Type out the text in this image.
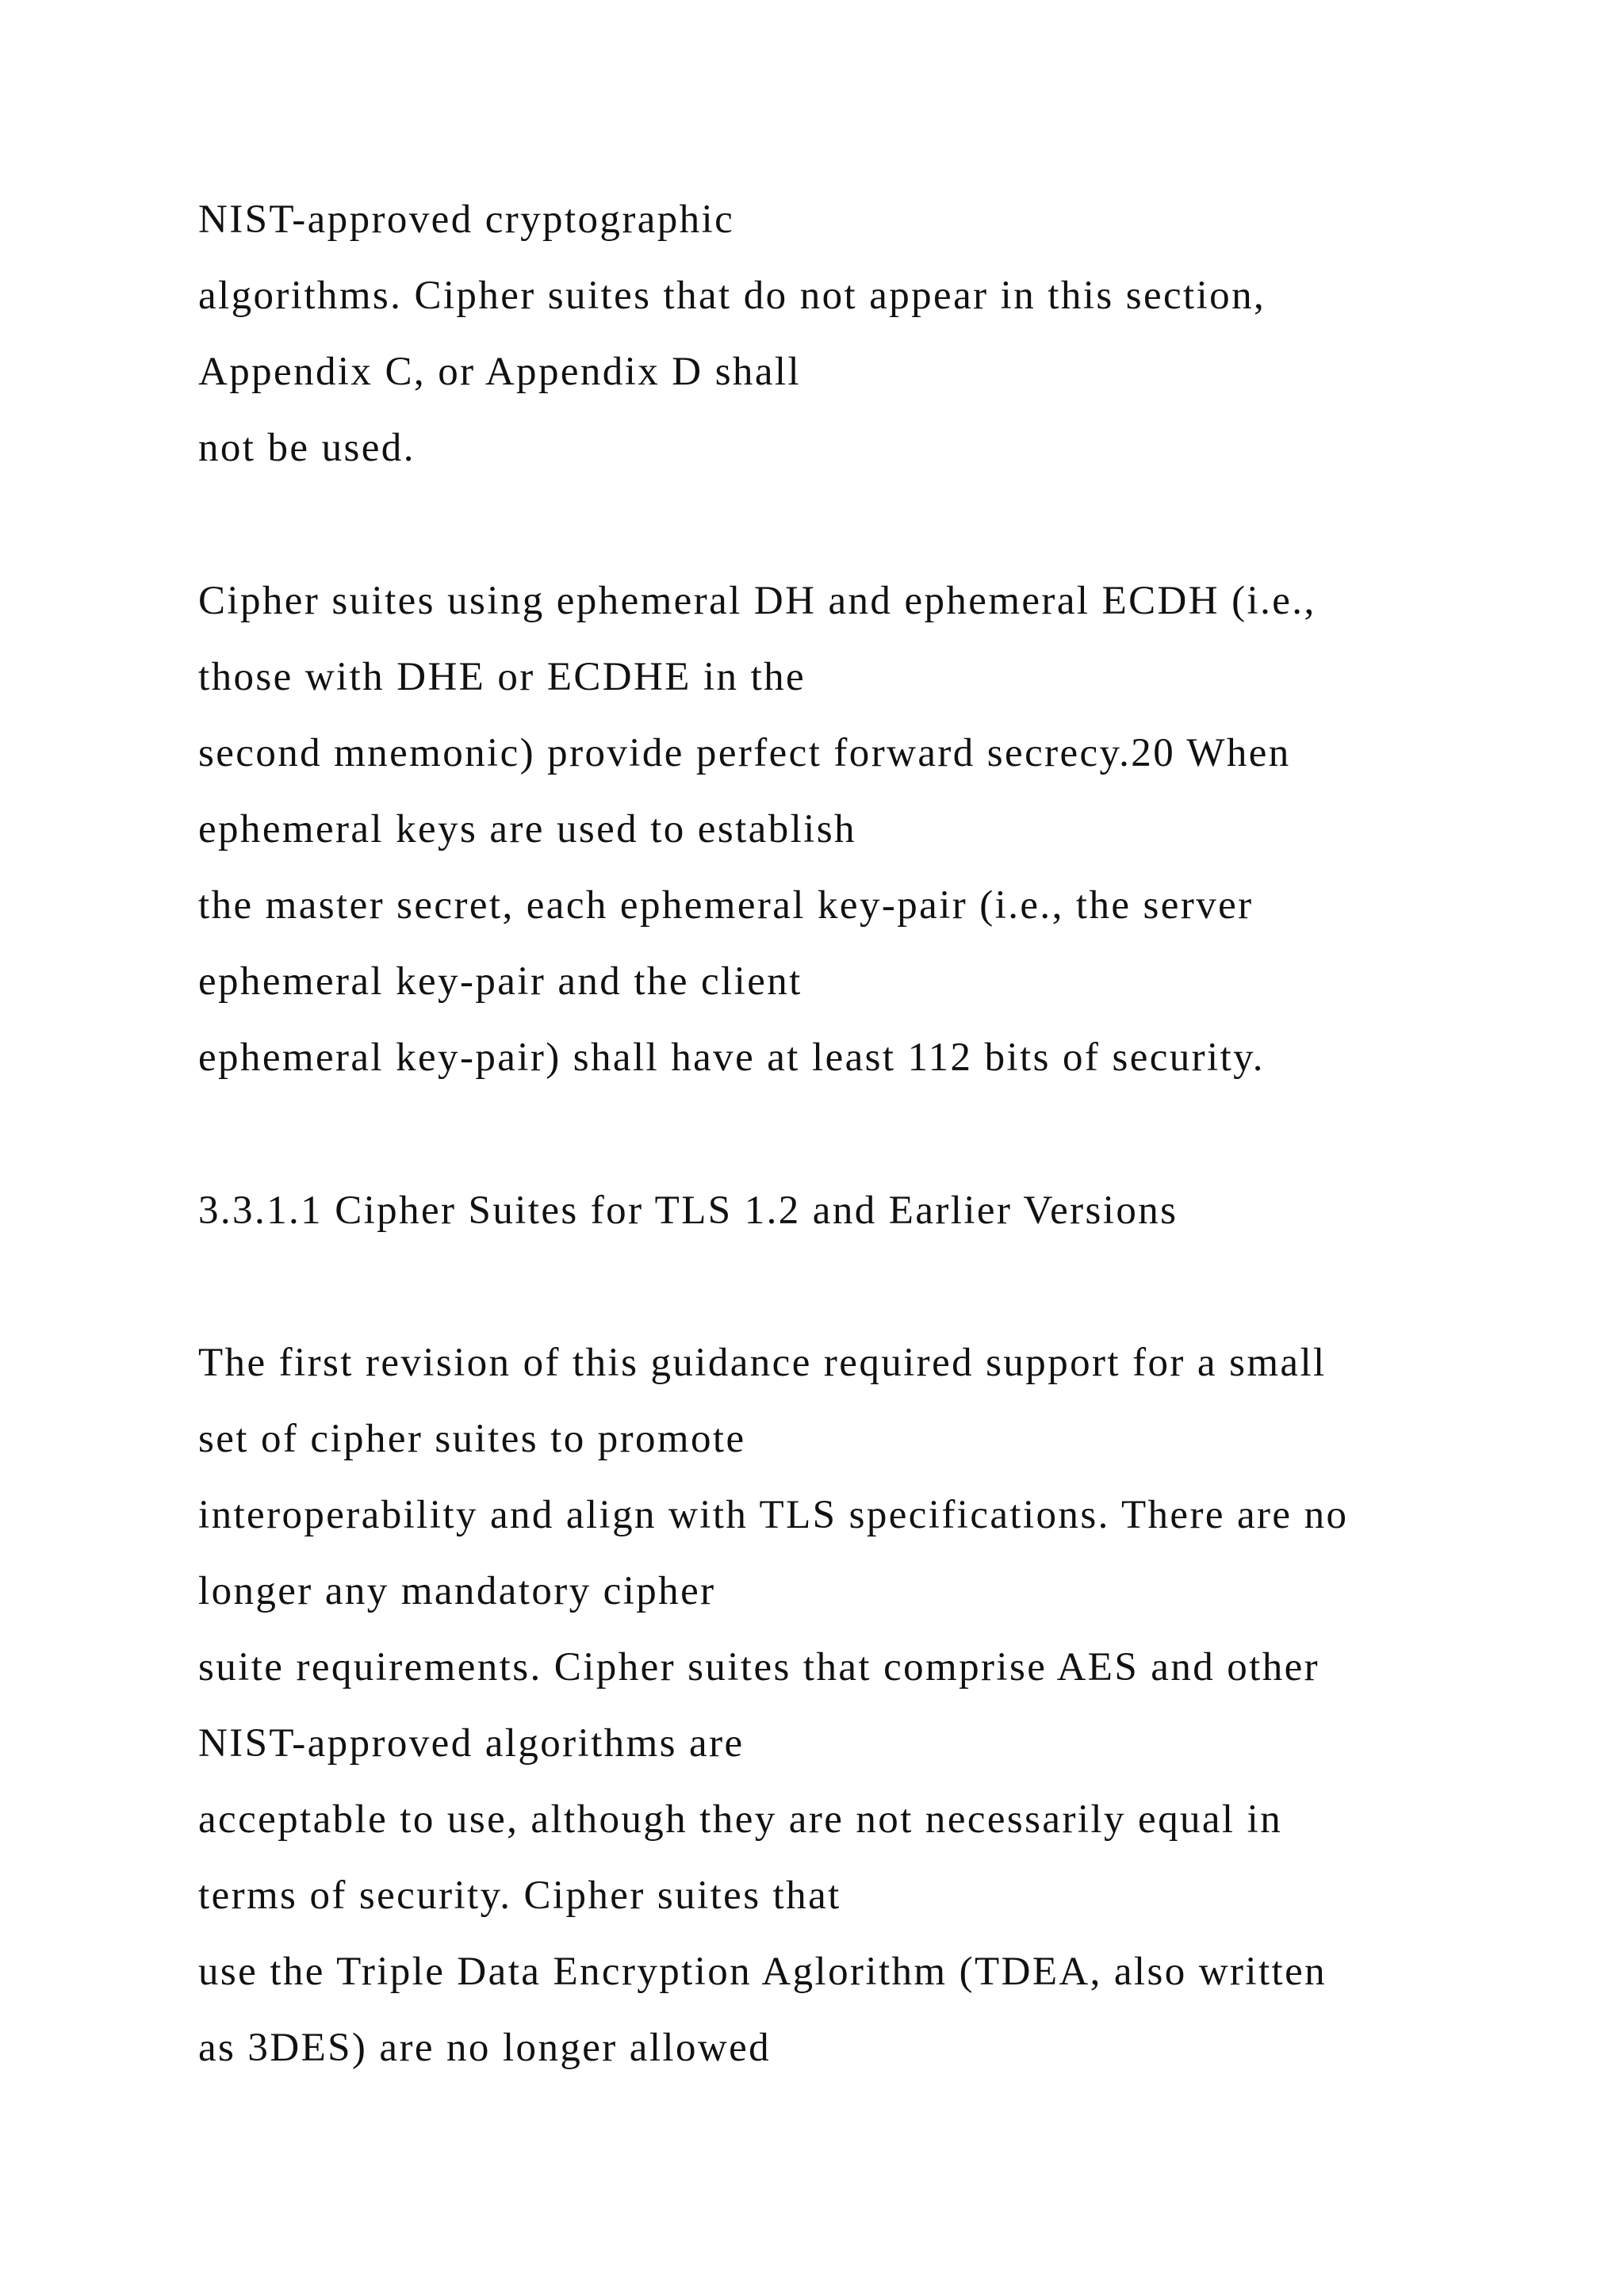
NIST-approved cryptographic

algorithms. Cipher suites that do not appear in this section,

Appendix C, or Appendix D shall

not be used.

Cipher suites using ephemeral DH and ephemeral ECDH (i.e.,

those with DHE or ECDHE in the

second mnemonic) provide perfect forward secrecy.20 When

ephemeral keys are used to establish

the master secret, each ephemeral key-pair (i.e., the server

ephemeral key-pair and the client

ephemeral key-pair) shall have at least 112 bits of security.

3.3.1.1 Cipher Suites for TLS 1.2 and Earlier Versions

The first revision of this guidance required support for a small

set of cipher suites to promote

interoperability and align with TLS specifications. There are no

longer any mandatory cipher

suite requirements. Cipher suites that comprise AES and other

NIST-approved algorithms are

acceptable to use, although they are not necessarily equal in

terms of security. Cipher suites that

use the Triple Data Encryption Aglorithm (TDEA, also written

as 3DES) are no longer allowed
